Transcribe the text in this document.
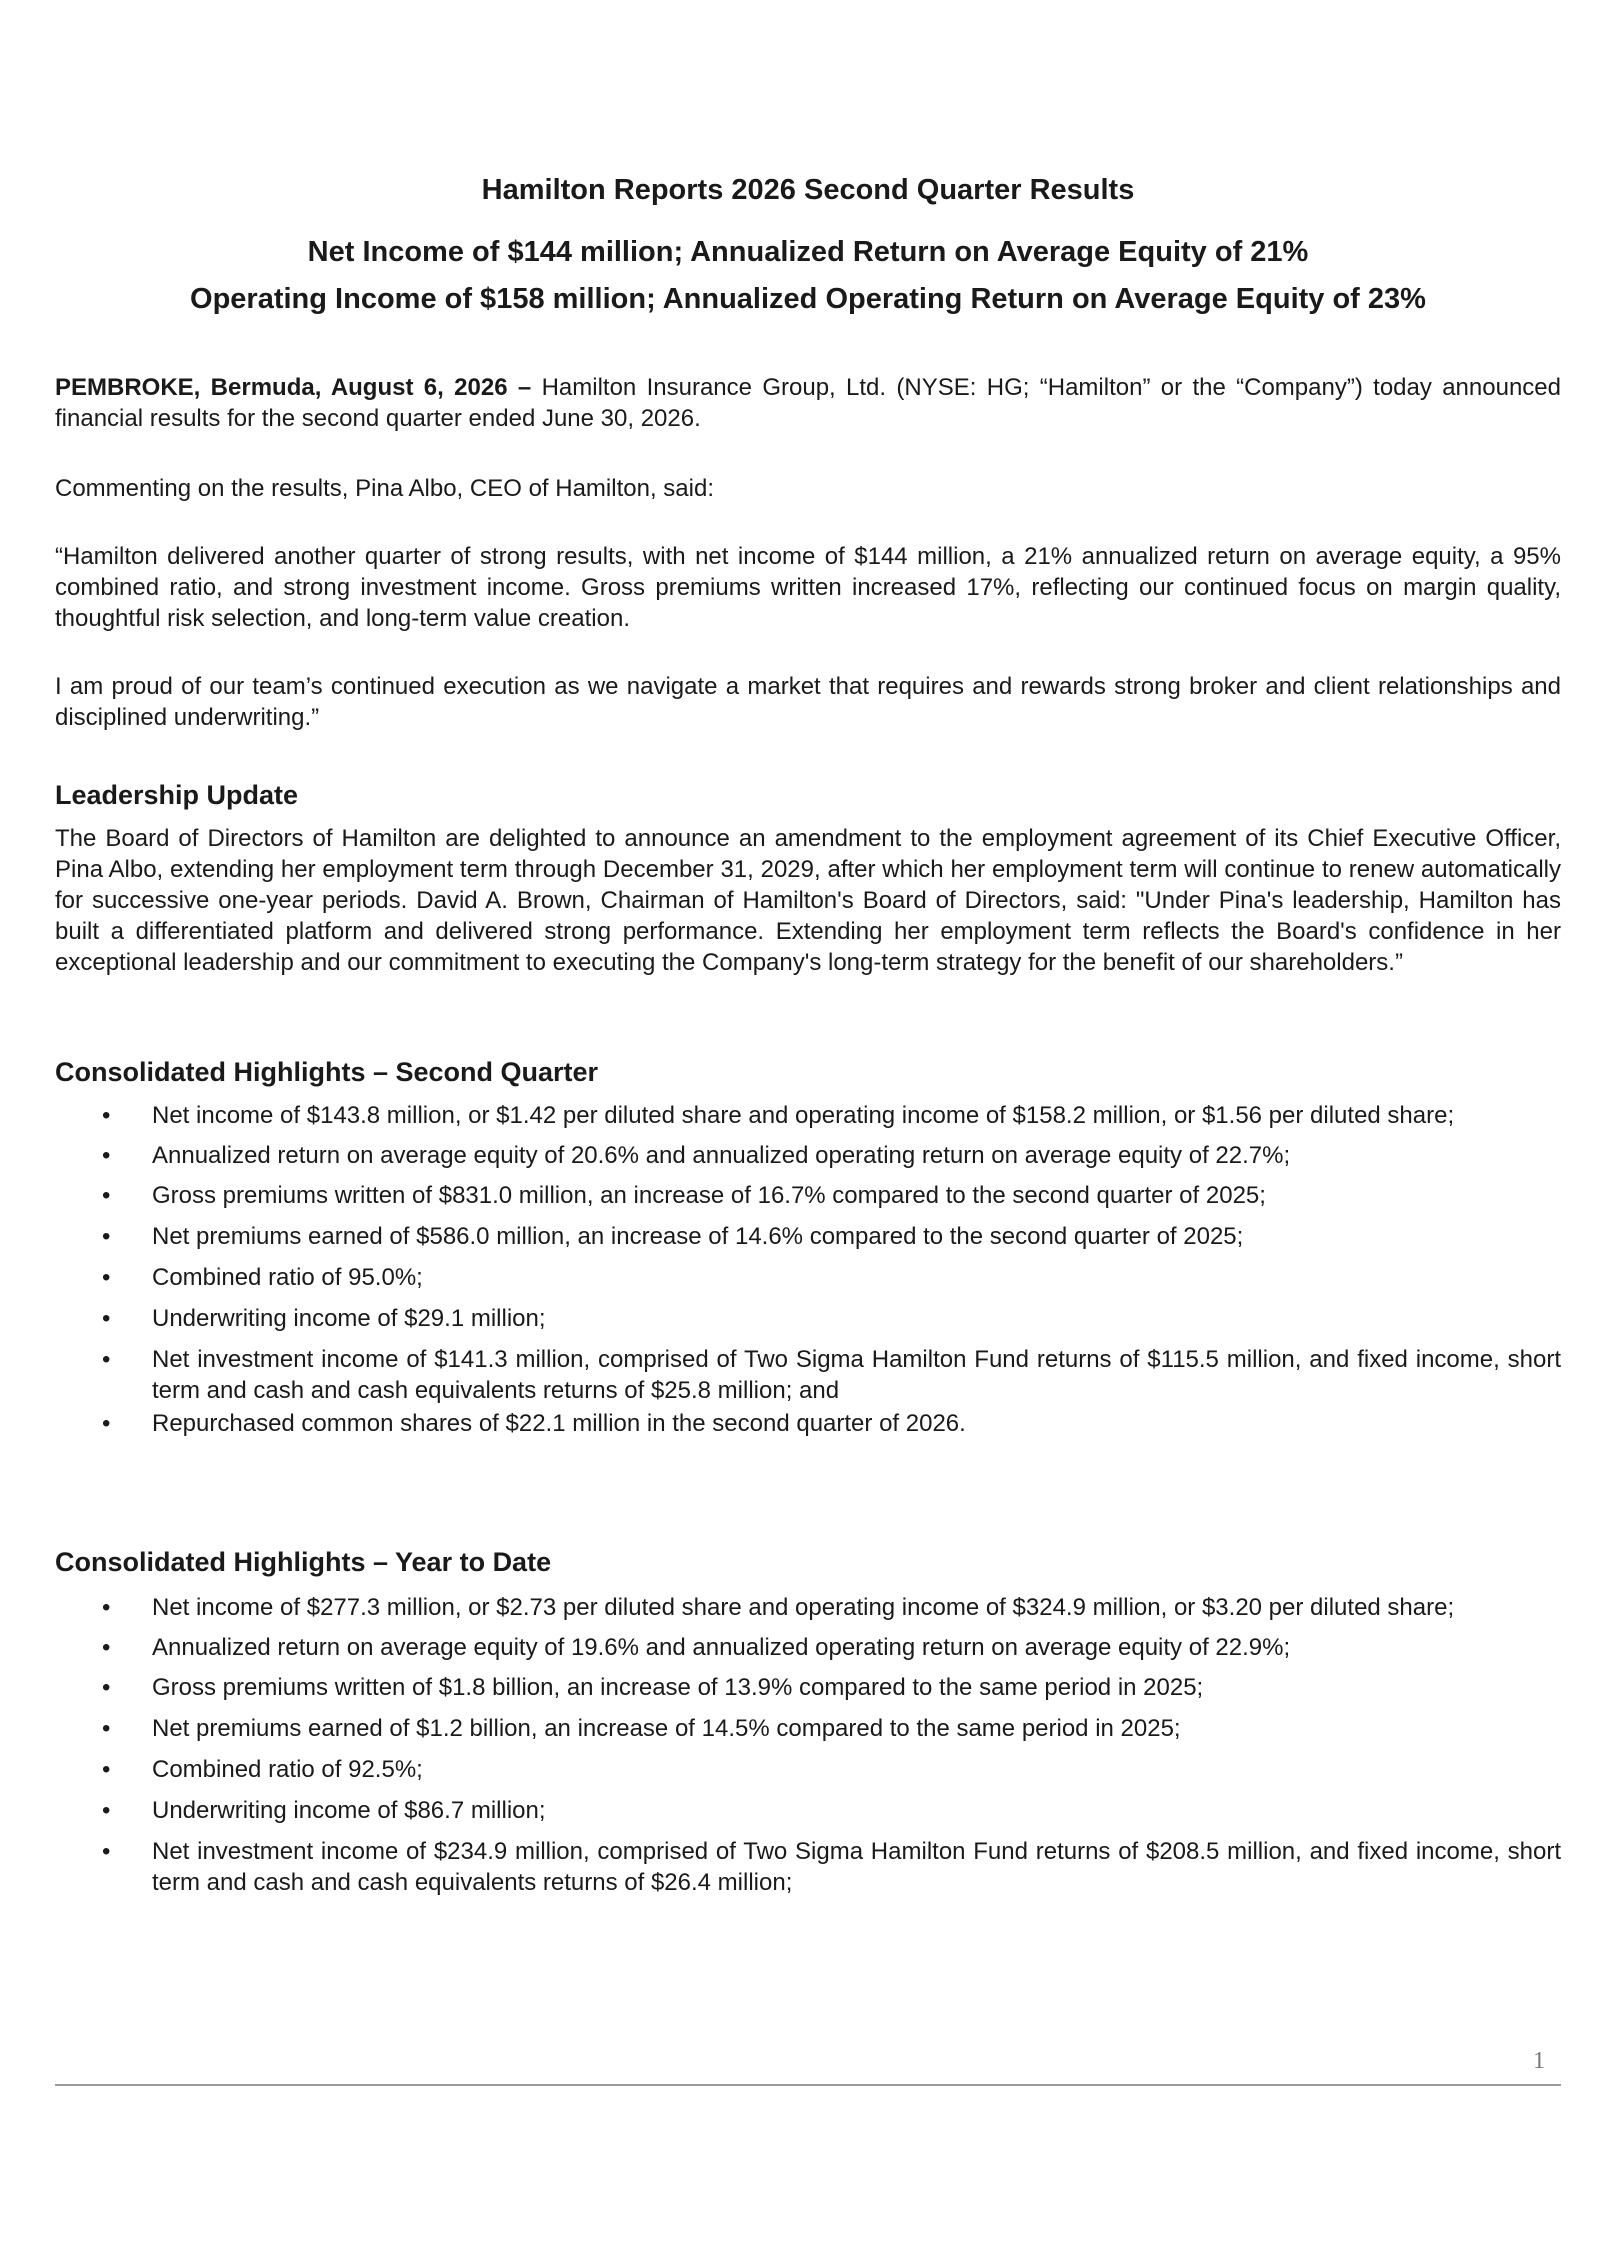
Hamilton Reports 2026 Second Quarter Results
Net Income of $144 million; Annualized Return on Average Equity of 21%
Operating Income of $158 million; Annualized Operating Return on Average Equity of 23%

PEMBROKE, Bermuda, August 6, 2026 – Hamilton Insurance Group, Ltd. (NYSE: HG; “Hamilton” or the “Company”) today announced financial results for the second quarter ended June 30, 2026.

Commenting on the results, Pina Albo, CEO of Hamilton, said:

“Hamilton delivered another quarter of strong results, with net income of $144 million, a 21% annualized return on average equity, a 95% combined ratio, and strong investment income. Gross premiums written increased 17%, reflecting our continued focus on margin quality, thoughtful risk selection, and long-term value creation.

I am proud of our team’s continued execution as we navigate a market that requires and rewards strong broker and client relationships and disciplined underwriting.”

Leadership Update

The Board of Directors of Hamilton are delighted to announce an amendment to the employment agreement of its Chief Executive Officer, Pina Albo, extending her employment term through December 31, 2029, after which her employment term will continue to renew automatically for successive one-year periods. David A. Brown, Chairman of Hamilton's Board of Directors, said: "Under Pina's leadership, Hamilton has built a differentiated platform and delivered strong performance. Extending her employment term reflects the Board's confidence in her exceptional leadership and our commitment to executing the Company's long-term strategy for the benefit of our shareholders.”

Consolidated Highlights – Second Quarter
• Net income of $143.8 million, or $1.42 per diluted share and operating income of $158.2 million, or $1.56 per diluted share;
• Annualized return on average equity of 20.6% and annualized operating return on average equity of 22.7%;
• Gross premiums written of $831.0 million, an increase of 16.7% compared to the second quarter of 2025;
• Net premiums earned of $586.0 million, an increase of 14.6% compared to the second quarter of 2025;
• Combined ratio of 95.0%;
• Underwriting income of $29.1 million;
• Net investment income of $141.3 million, comprised of Two Sigma Hamilton Fund returns of $115.5 million, and fixed income, short term and cash and cash equivalents returns of $25.8 million; and
• Repurchased common shares of $22.1 million in the second quarter of 2026.
Consolidated Highlights – Year to Date
• Net income of $277.3 million, or $2.73 per diluted share and operating income of $324.9 million, or $3.20 per diluted share;
• Annualized return on average equity of 19.6% and annualized operating return on average equity of 22.9%;
• Gross premiums written of $1.8 billion, an increase of 13.9% compared to the same period in 2025;
• Net premiums earned of $1.2 billion, an increase of 14.5% compared to the same period in 2025;
• Combined ratio of 92.5%;
• Underwriting income of $86.7 million;
• Net investment income of $234.9 million, comprised of Two Sigma Hamilton Fund returns of $208.5 million, and fixed income, short term and cash and cash equivalents returns of $26.4 million;
1
